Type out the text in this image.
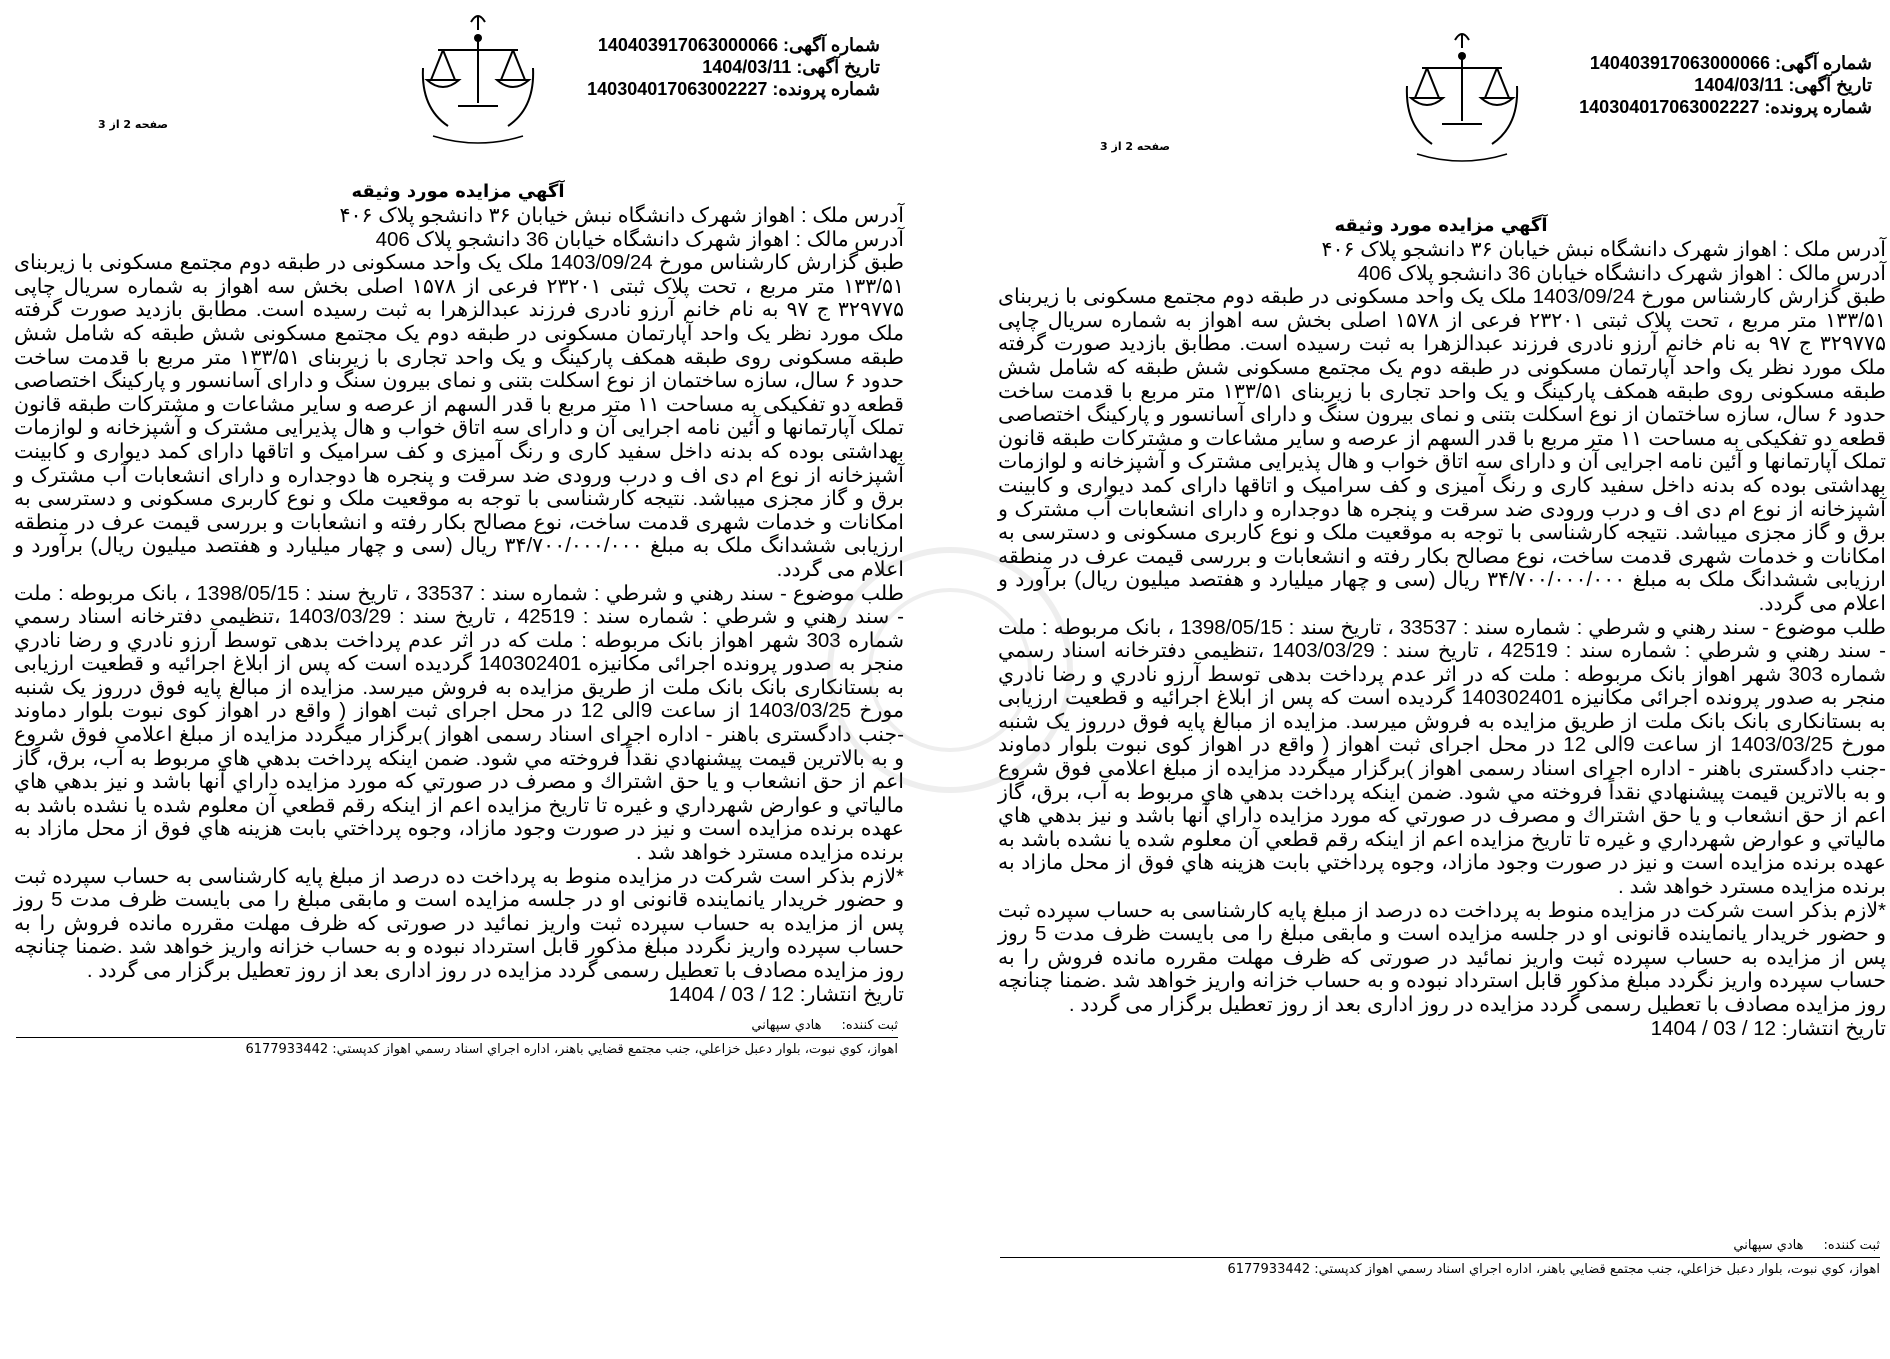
شماره آگهی: 140403917063000066
تاریخ آگهی: 1404/03/11
شماره پرونده: 140304017063002227
صفحه 2 از 3
آگهي مزايده مورد وثيقه

آدرس ملک : اهواز شهرک دانشگاه نبش خیابان ۳۶ دانشجو پلاک ۴۰۶

آدرس مالک : اهواز شهرک دانشگاه خیابان 36 دانشجو پلاک 406

طبق گزارش کارشناس مورخ 1403/09/24 ملک یک واحد مسکونی در طبقه دوم مجتمع مسکونی با زیربنای ۱۳۳/۵۱ متر مربع ، تحت پلاک ثبتی ۲۳۲۰۱ فرعی از ۱۵۷۸ اصلی بخش سه اهواز به شماره سریال چاپی ۳۲۹۷۷۵ ج ۹۷ به نام خانم آرزو نادری فرزند عبدالزهرا به ثبت رسیده است. مطابق بازدید صورت گرفته ملک مورد نظر یک واحد آپارتمان مسکونی در طبقه دوم یک مجتمع مسکونی شش طبقه که شامل شش طبقه مسکونی روی طبقه همکف پارکینگ و یک واحد تجاری با زیربنای ۱۳۳/۵۱ متر مربع با قدمت ساخت حدود ۶ سال، سازه ساختمان از نوع اسکلت بتنی و نمای بیرون سنگ و دارای آسانسور و پارکینگ اختصاصی قطعه دو تفکیکی به مساحت ۱۱ متر مربع با قدر السهم از عرصه و سایر مشاعات و مشترکات طبقه قانون تملک آپارتمانها و آئین نامه اجرایی آن و دارای سه اتاق خواب و هال پذیرایی مشترک و آشپزخانه و لوازمات بهداشتی بوده که بدنه داخل سفید کاری و رنگ آمیزی و کف سرامیک و اتاقها دارای کمد دیواری و کابینت آشپزخانه از نوع ام دی اف و درب ورودی ضد سرقت و پنجره ها دوجداره و دارای انشعابات آب مشترک و برق و گاز مجزی میباشد. نتیجه کارشناسی با توجه به موقعیت ملک و نوع کاربری مسکونی و دسترسی به امکانات و خدمات شهری قدمت ساخت، نوع مصالح بکار رفته و انشعابات و بررسی قیمت عرف در منطقه ارزیابی ششدانگ ملک به مبلغ ۳۴/۷۰۰/۰۰۰/۰۰۰ ریال (سی و چهار میلیارد و هفتصد میلیون ریال) برآورد و اعلام می گردد.

طلب موضوع - سند رهني و شرطي : شماره سند : 33537 ، تاریخ سند : 1398/05/15 ، بانک مربوطه : ملت - سند رهني و شرطي : شماره سند : 42519 ، تاريخ سند : 1403/03/29 ،تنظيمی دفترخانه اسناد رسمي شماره 303 شهر اهواز بانک مربوطه : ملت که در اثر عدم پرداخت بدهی توسط آرزو نادري و رضا نادري منجر به صدور پرونده اجرائی مکانیزه 140302401 گردیده است که پس از ابلاغ اجرائیه و قطعیت ارزیابی به بستانکاری بانک بانک ملت از طریق مزایده به فروش میرسد. مزایده از مبالغ پایه فوق درروز یک شنبه مورخ 1403/03/25 از ساعت 9الی 12 در محل اجرای ثبت اهواز ( واقع در اهواز کوی نبوت بلوار دماوند -جنب دادگستری باهنر - اداره اجرای اسناد رسمی اهواز )برگزار میگردد مزایده از مبلغ اعلامی فوق شروع و به بالاترین قیمت پیشنهادي نقداً فروخته مي شود. ضمن اینکه پرداخت بدهي هاي مربوط به آب، برق، گاز اعم از حق انشعاب و یا حق اشتراك و مصرف در صورتي که مورد مزایده داراي آنها باشد و نیز بدهي هاي مالیاتي و عوارض شهرداري و غیره تا تاریخ مزایده اعم از اینکه رقم قطعي آن معلوم شده یا نشده باشد به عهده برنده مزایده است و نیز در صورت وجود مازاد، وجوه پرداختي بابت هزینه هاي فوق از محل مازاد به برنده مزایده مسترد خواهد شد .

*لازم بذکر است شرکت در مزایده منوط به پرداخت ده درصد از مبلغ پایه کارشناسی به حساب سپرده ثبت و حضور خریدار یانماینده قانونی او در جلسه مزایده است و مابقی مبلغ را می بایست ظرف مدت 5 روز پس از مزایده به حساب سپرده ثبت واریز نمائید در صورتی که ظرف مهلت مقرره مانده فروش را به حساب سپرده واریز نگردد مبلغ مذکور قابل استرداد نبوده و به حساب خزانه واریز خواهد شد .ضمنا چنانچه روز مزایده مصادف با تعطیل رسمی گردد مزایده در روز اداری بعد از روز تعطیل برگزار می گردد .

تاریخ انتشار: 12 / 03 / 1404

ثبت كننده:
هادي سپهاني
اهواز، كوي نبوت، بلوار دعبل خزاعلي، جنب مجتمع قضايي باهنر، اداره اجراي اسناد رسمي اهواز كدپستي: 6177933442
شماره آگهی: 140403917063000066
تاریخ آگهی: 1404/03/11
شماره پرونده: 140304017063002227
صفحه 2 از 3
آگهي مزايده مورد وثيقه

آدرس ملک : اهواز شهرک دانشگاه نبش خیابان ۳۶ دانشجو پلاک ۴۰۶

آدرس مالک : اهواز شهرک دانشگاه خیابان 36 دانشجو پلاک 406

طبق گزارش کارشناس مورخ 1403/09/24 ملک یک واحد مسکونی در طبقه دوم مجتمع مسکونی با زیربنای ۱۳۳/۵۱ متر مربع ، تحت پلاک ثبتی ۲۳۲۰۱ فرعی از ۱۵۷۸ اصلی بخش سه اهواز به شماره سریال چاپی ۳۲۹۷۷۵ ج ۹۷ به نام خانم آرزو نادری فرزند عبدالزهرا به ثبت رسیده است. مطابق بازدید صورت گرفته ملک مورد نظر یک واحد آپارتمان مسکونی در طبقه دوم یک مجتمع مسکونی شش طبقه که شامل شش طبقه مسکونی روی طبقه همکف پارکینگ و یک واحد تجاری با زیربنای ۱۳۳/۵۱ متر مربع با قدمت ساخت حدود ۶ سال، سازه ساختمان از نوع اسکلت بتنی و نمای بیرون سنگ و دارای آسانسور و پارکینگ اختصاصی قطعه دو تفکیکی به مساحت ۱۱ متر مربع با قدر السهم از عرصه و سایر مشاعات و مشترکات طبقه قانون تملک آپارتمانها و آئین نامه اجرایی آن و دارای سه اتاق خواب و هال پذیرایی مشترک و آشپزخانه و لوازمات بهداشتی بوده که بدنه داخل سفید کاری و رنگ آمیزی و کف سرامیک و اتاقها دارای کمد دیواری و کابینت آشپزخانه از نوع ام دی اف و درب ورودی ضد سرقت و پنجره ها دوجداره و دارای انشعابات آب مشترک و برق و گاز مجزی میباشد. نتیجه کارشناسی با توجه به موقعیت ملک و نوع کاربری مسکونی و دسترسی به امکانات و خدمات شهری قدمت ساخت، نوع مصالح بکار رفته و انشعابات و بررسی قیمت عرف در منطقه ارزیابی ششدانگ ملک به مبلغ ۳۴/۷۰۰/۰۰۰/۰۰۰ ریال (سی و چهار میلیارد و هفتصد میلیون ریال) برآورد و اعلام می گردد.

طلب موضوع - سند رهني و شرطي : شماره سند : 33537 ، تاریخ سند : 1398/05/15 ، بانک مربوطه : ملت - سند رهني و شرطي : شماره سند : 42519 ، تاريخ سند : 1403/03/29 ،تنظيمی دفترخانه اسناد رسمي شماره 303 شهر اهواز بانک مربوطه : ملت که در اثر عدم پرداخت بدهی توسط آرزو نادري و رضا نادري منجر به صدور پرونده اجرائی مکانیزه 140302401 گردیده است که پس از ابلاغ اجرائیه و قطعیت ارزیابی به بستانکاری بانک بانک ملت از طریق مزایده به فروش میرسد. مزایده از مبالغ پایه فوق درروز یک شنبه مورخ 1403/03/25 از ساعت 9الی 12 در محل اجرای ثبت اهواز ( واقع در اهواز کوی نبوت بلوار دماوند -جنب دادگستری باهنر - اداره اجرای اسناد رسمی اهواز )برگزار میگردد مزایده از مبلغ اعلامی فوق شروع و به بالاترین قیمت پیشنهادي نقداً فروخته مي شود. ضمن اینکه پرداخت بدهي هاي مربوط به آب، برق، گاز اعم از حق انشعاب و یا حق اشتراك و مصرف در صورتي که مورد مزایده داراي آنها باشد و نیز بدهي هاي مالیاتي و عوارض شهرداري و غیره تا تاریخ مزایده اعم از اینکه رقم قطعي آن معلوم شده یا نشده باشد به عهده برنده مزایده است و نیز در صورت وجود مازاد، وجوه پرداختي بابت هزینه هاي فوق از محل مازاد به برنده مزایده مسترد خواهد شد .

*لازم بذکر است شرکت در مزایده منوط به پرداخت ده درصد از مبلغ پایه کارشناسی به حساب سپرده ثبت و حضور خریدار یانماینده قانونی او در جلسه مزایده است و مابقی مبلغ را می بایست ظرف مدت 5 روز پس از مزایده به حساب سپرده ثبت واریز نمائید در صورتی که ظرف مهلت مقرره مانده فروش را به حساب سپرده واریز نگردد مبلغ مذکور قابل استرداد نبوده و به حساب خزانه واریز خواهد شد .ضمنا چنانچه روز مزایده مصادف با تعطیل رسمی گردد مزایده در روز اداری بعد از روز تعطیل برگزار می گردد .

تاریخ انتشار: 12 / 03 / 1404

ثبت كننده:
هادي سپهاني
اهواز، كوي نبوت، بلوار دعبل خزاعلي، جنب مجتمع قضايي باهنر، اداره اجراي اسناد رسمي اهواز كدپستي: 6177933442
